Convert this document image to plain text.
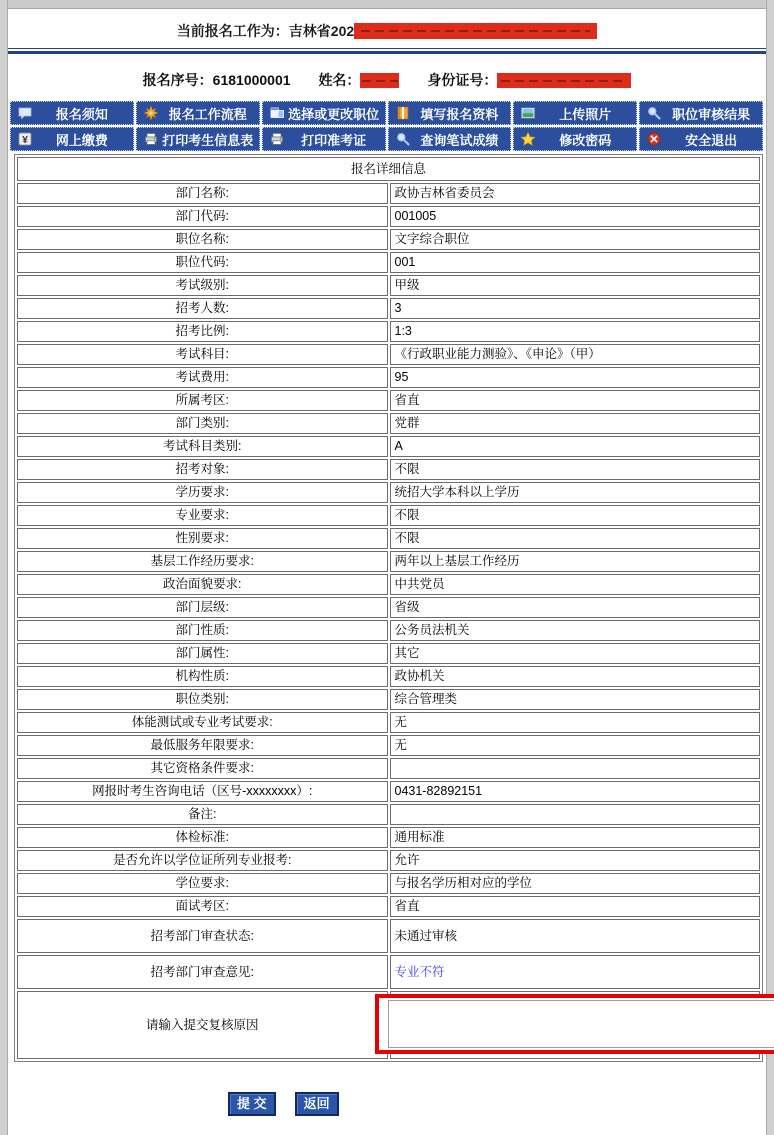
当前报名工作为：吉林省202
报名序号：6181000001 姓名：	身份证号：
报名须知	报名工作流程	选择或更改职位	填写报名资料	上传照片	职位审核结果
¥	网上缴费	打印考生信息表	打印准考证	查询笔试成绩	修改密码	安全退出
报名详细信息	
部门名称:	政协吉林省委员会
部门代码:	001005
职位名称:	文字综合职位
职位代码:	001
考试级别:	甲级
招考人数:	3
招考比例:	1:3
考试科目:	《行政职业能力测验》、《申论》（甲）
考试费用:	95
所属考区:	省直
部门类别:	党群
考试科目类别:	A
招考对象:	不限
学历要求:	统招大学本科以上学历
专业要求:	不限
性别要求:	不限
基层工作经历要求:	两年以上基层工作经历
政治面貌要求:	中共党员
部门层级:	省级
部门性质:	公务员法机关
部门属性:	其它
机构性质:	政协机关
职位类别:	综合管理类
体能测试或专业考试要求:	无
最低服务年限要求:	无
其它资格条件要求:	
网报时考生咨询电话（区号-xxxxxxxx）:	0431-82892151
备注:	
体检标准:	通用标准
是否允许以学位证所列专业报考:	允许
学位要求:	与报名学历相对应的学位
面试考区:	省直
招考部门审查状态:	未通过审核
招考部门审查意见:	专业不符
请输入提交复核原因	
提 交	返回
